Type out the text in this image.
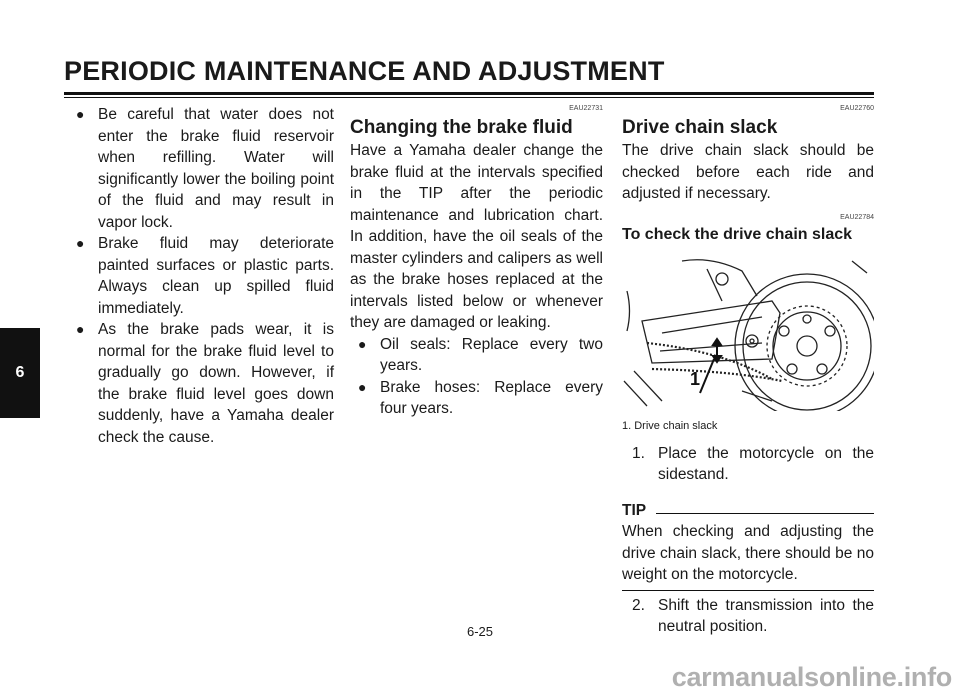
PERIODIC MAINTENANCE AND ADJUSTMENT
6

● Be careful that water does not enter the brake fluid reservoir when refilling. Water will significantly lower the boiling point of the fluid and may result in vapor lock.

● Brake fluid may deteriorate painted surfaces or plastic parts. Always clean up spilled fluid immediately.

● As the brake pads wear, it is normal for the brake fluid level to gradually go down. However, if the brake fluid level goes down suddenly, have a Yamaha dealer check the cause.

EAU22731
Changing the brake fluid

Have a Yamaha dealer change the brake fluid at the intervals specified in the TIP after the periodic maintenance and lubrication chart. In addition, have the oil seals of the master cylinders and calipers as well as the brake hoses replaced at the intervals listed below or whenever they are damaged or leaking.

● Oil seals: Replace every two years.

● Brake hoses: Replace every four years.

EAU22760
Drive chain slack

The drive chain slack should be checked before each ride and adjusted if necessary.

EAU22784
To check the drive chain slack
1
1. Drive chain slack

1. Place the motorcycle on the sidestand.

TIP

When checking and adjusting the drive chain slack, there should be no weight on the motorcycle.

2. Shift the transmission into the neutral position.

6-25
carmanualsonline.info
